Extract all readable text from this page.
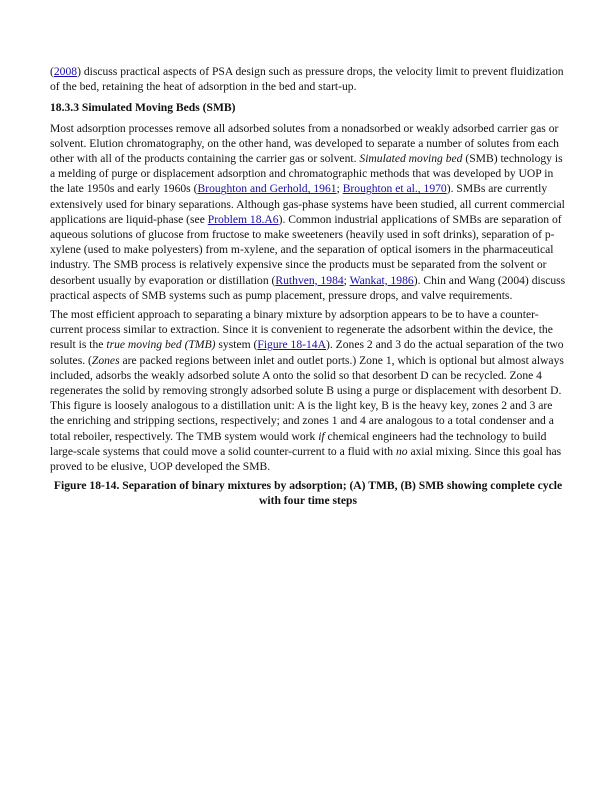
(2008) discuss practical aspects of PSA design such as pressure drops, the velocity limit to prevent fluidization of the bed, retaining the heat of adsorption in the bed and start-up.

18.3.3 Simulated Moving Beds (SMB)

Most adsorption processes remove all adsorbed solutes from a nonadsorbed or weakly adsorbed carrier gas or solvent. Elution chromatography, on the other hand, was developed to separate a number of solutes from each other with all of the products containing the carrier gas or solvent. Simulated moving bed (SMB) technology is a melding of purge or displacement adsorption and chromatographic methods that was developed by UOP in the late 1950s and early 1960s (Broughton and Gerhold, 1961; Broughton et al., 1970). SMBs are currently extensively used for binary separations. Although gas-phase systems have been studied, all current commercial applications are liquid-phase (see Problem 18.A6). Common industrial applications of SMBs are separation of aqueous solutions of glucose from fructose to make sweeteners (heavily used in soft drinks), separation of p-xylene (used to make polyesters) from m-xylene, and the separation of optical isomers in the pharmaceutical industry. The SMB process is relatively expensive since the products must be separated from the solvent or desorbent usually by evaporation or distillation (Ruthven, 1984; Wankat, 1986). Chin and Wang (2004) discuss practical aspects of SMB systems such as pump placement, pressure drops, and valve requirements.

The most efficient approach to separating a binary mixture by adsorption appears to be to have a counter-current process similar to extraction. Since it is convenient to regenerate the adsorbent within the device, the result is the true moving bed (TMB) system (Figure 18-14A). Zones 2 and 3 do the actual separation of the two solutes. (Zones are packed regions between inlet and outlet ports.) Zone 1, which is optional but almost always included, adsorbs the weakly adsorbed solute A onto the solid so that desorbent D can be recycled. Zone 4 regenerates the solid by removing strongly adsorbed solute B using a purge or displacement with desorbent D. This figure is loosely analogous to a distillation unit: A is the light key, B is the heavy key, zones 2 and 3 are the enriching and stripping sections, respectively; and zones 1 and 4 are analogous to a total condenser and a total reboiler, respectively. The TMB system would work if chemical engineers had the technology to build large-scale systems that could move a solid counter-current to a fluid with no axial mixing. Since this goal has proved to be elusive, UOP developed the SMB.

Figure 18-14. Separation of binary mixtures by adsorption; (A) TMB, (B) SMB showing complete cycle with four time steps
